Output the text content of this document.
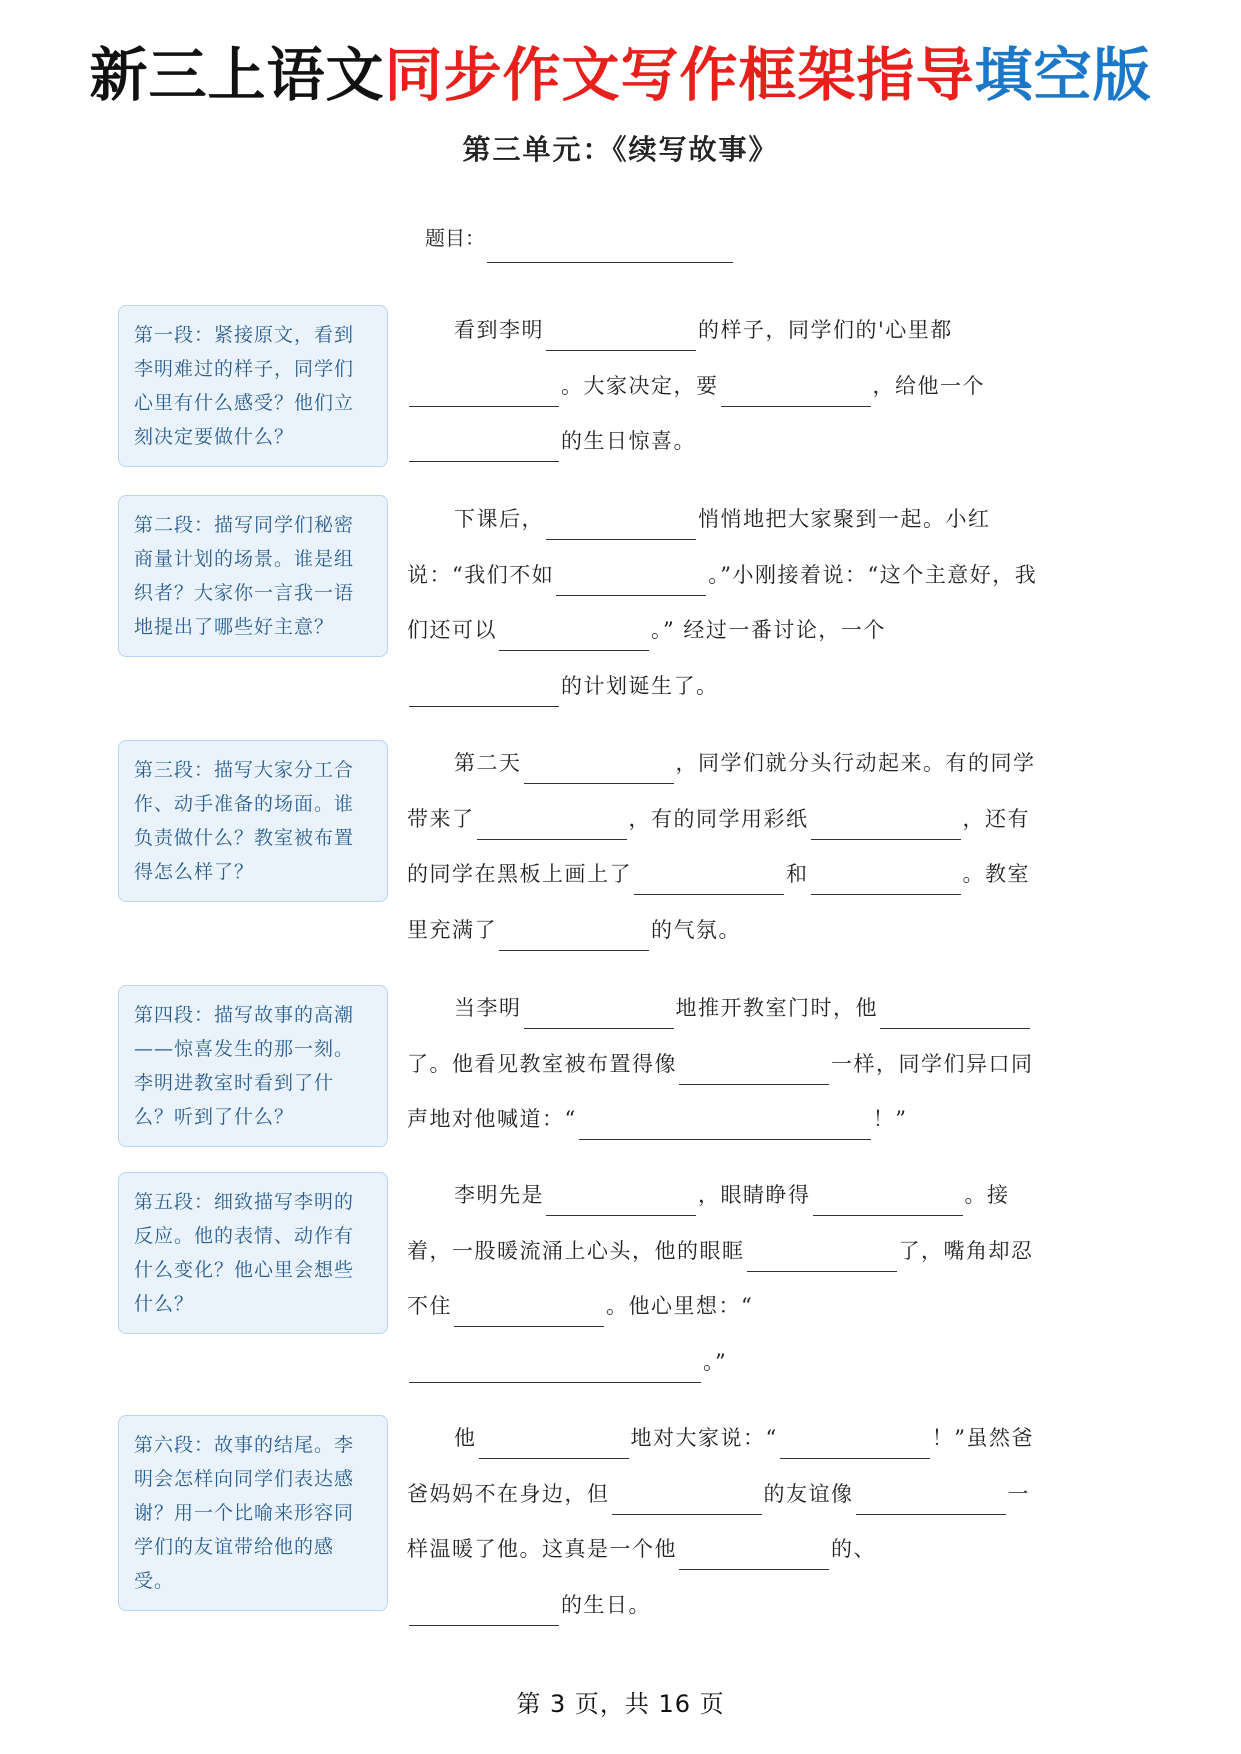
新三上语文同步作文写作框架指导填空版
第三单元：《续写故事》
题目：
第一段：紧接原文，看到李明难过的样子，同学们心里有什么感受？他们立刻决定要做什么？
看到李明	的样子，同学们的'心里都
。大家决定，要	，给他一个
的生日惊喜。
第二段：描写同学们秘密商量计划的场景。谁是组织者？大家你一言我一语地提出了哪些好主意？
下课后，	悄悄地把大家聚到一起。小红说：“我们不如	。”小刚接着说：“这个主意好，我们还可以	。” 经过一番讨论，一个
的计划诞生了。
第三段：描写大家分工合作、动手准备的场面。谁负责做什么？教室被布置得怎么样了？
第二天	，同学们就分头行动起来。有的同学带来了	，有的同学用彩纸	，还有的同学在黑板上画上了	和	。教室里充满了	的气氛。
第四段：描写故事的高潮——惊喜发生的那一刻。李明进教室时看到了什么？听到了什么？
当李明	地推开教室门时，他了。他看见教室被布置得像	一样，同学们异口同声地对他喊道：“	！”
第五段：细致描写李明的反应。他的表情、动作有什么变化？他心里会想些什么？
李明先是	，眼睛睁得	。接着，一股暖流涌上心头，他的眼眶	了，嘴角却忍不住	。他心里想：“
。”
第六段：故事的结尾。李明会怎样向同学们表达感谢？用一个比喻来形容同学们的友谊带给他的感受。
他	地对大家说：“	！”虽然爸爸妈妈不在身边，但	的友谊像	一样温暖了他。这真是一个他	的、
的生日。
第 3 页，共 16 页
